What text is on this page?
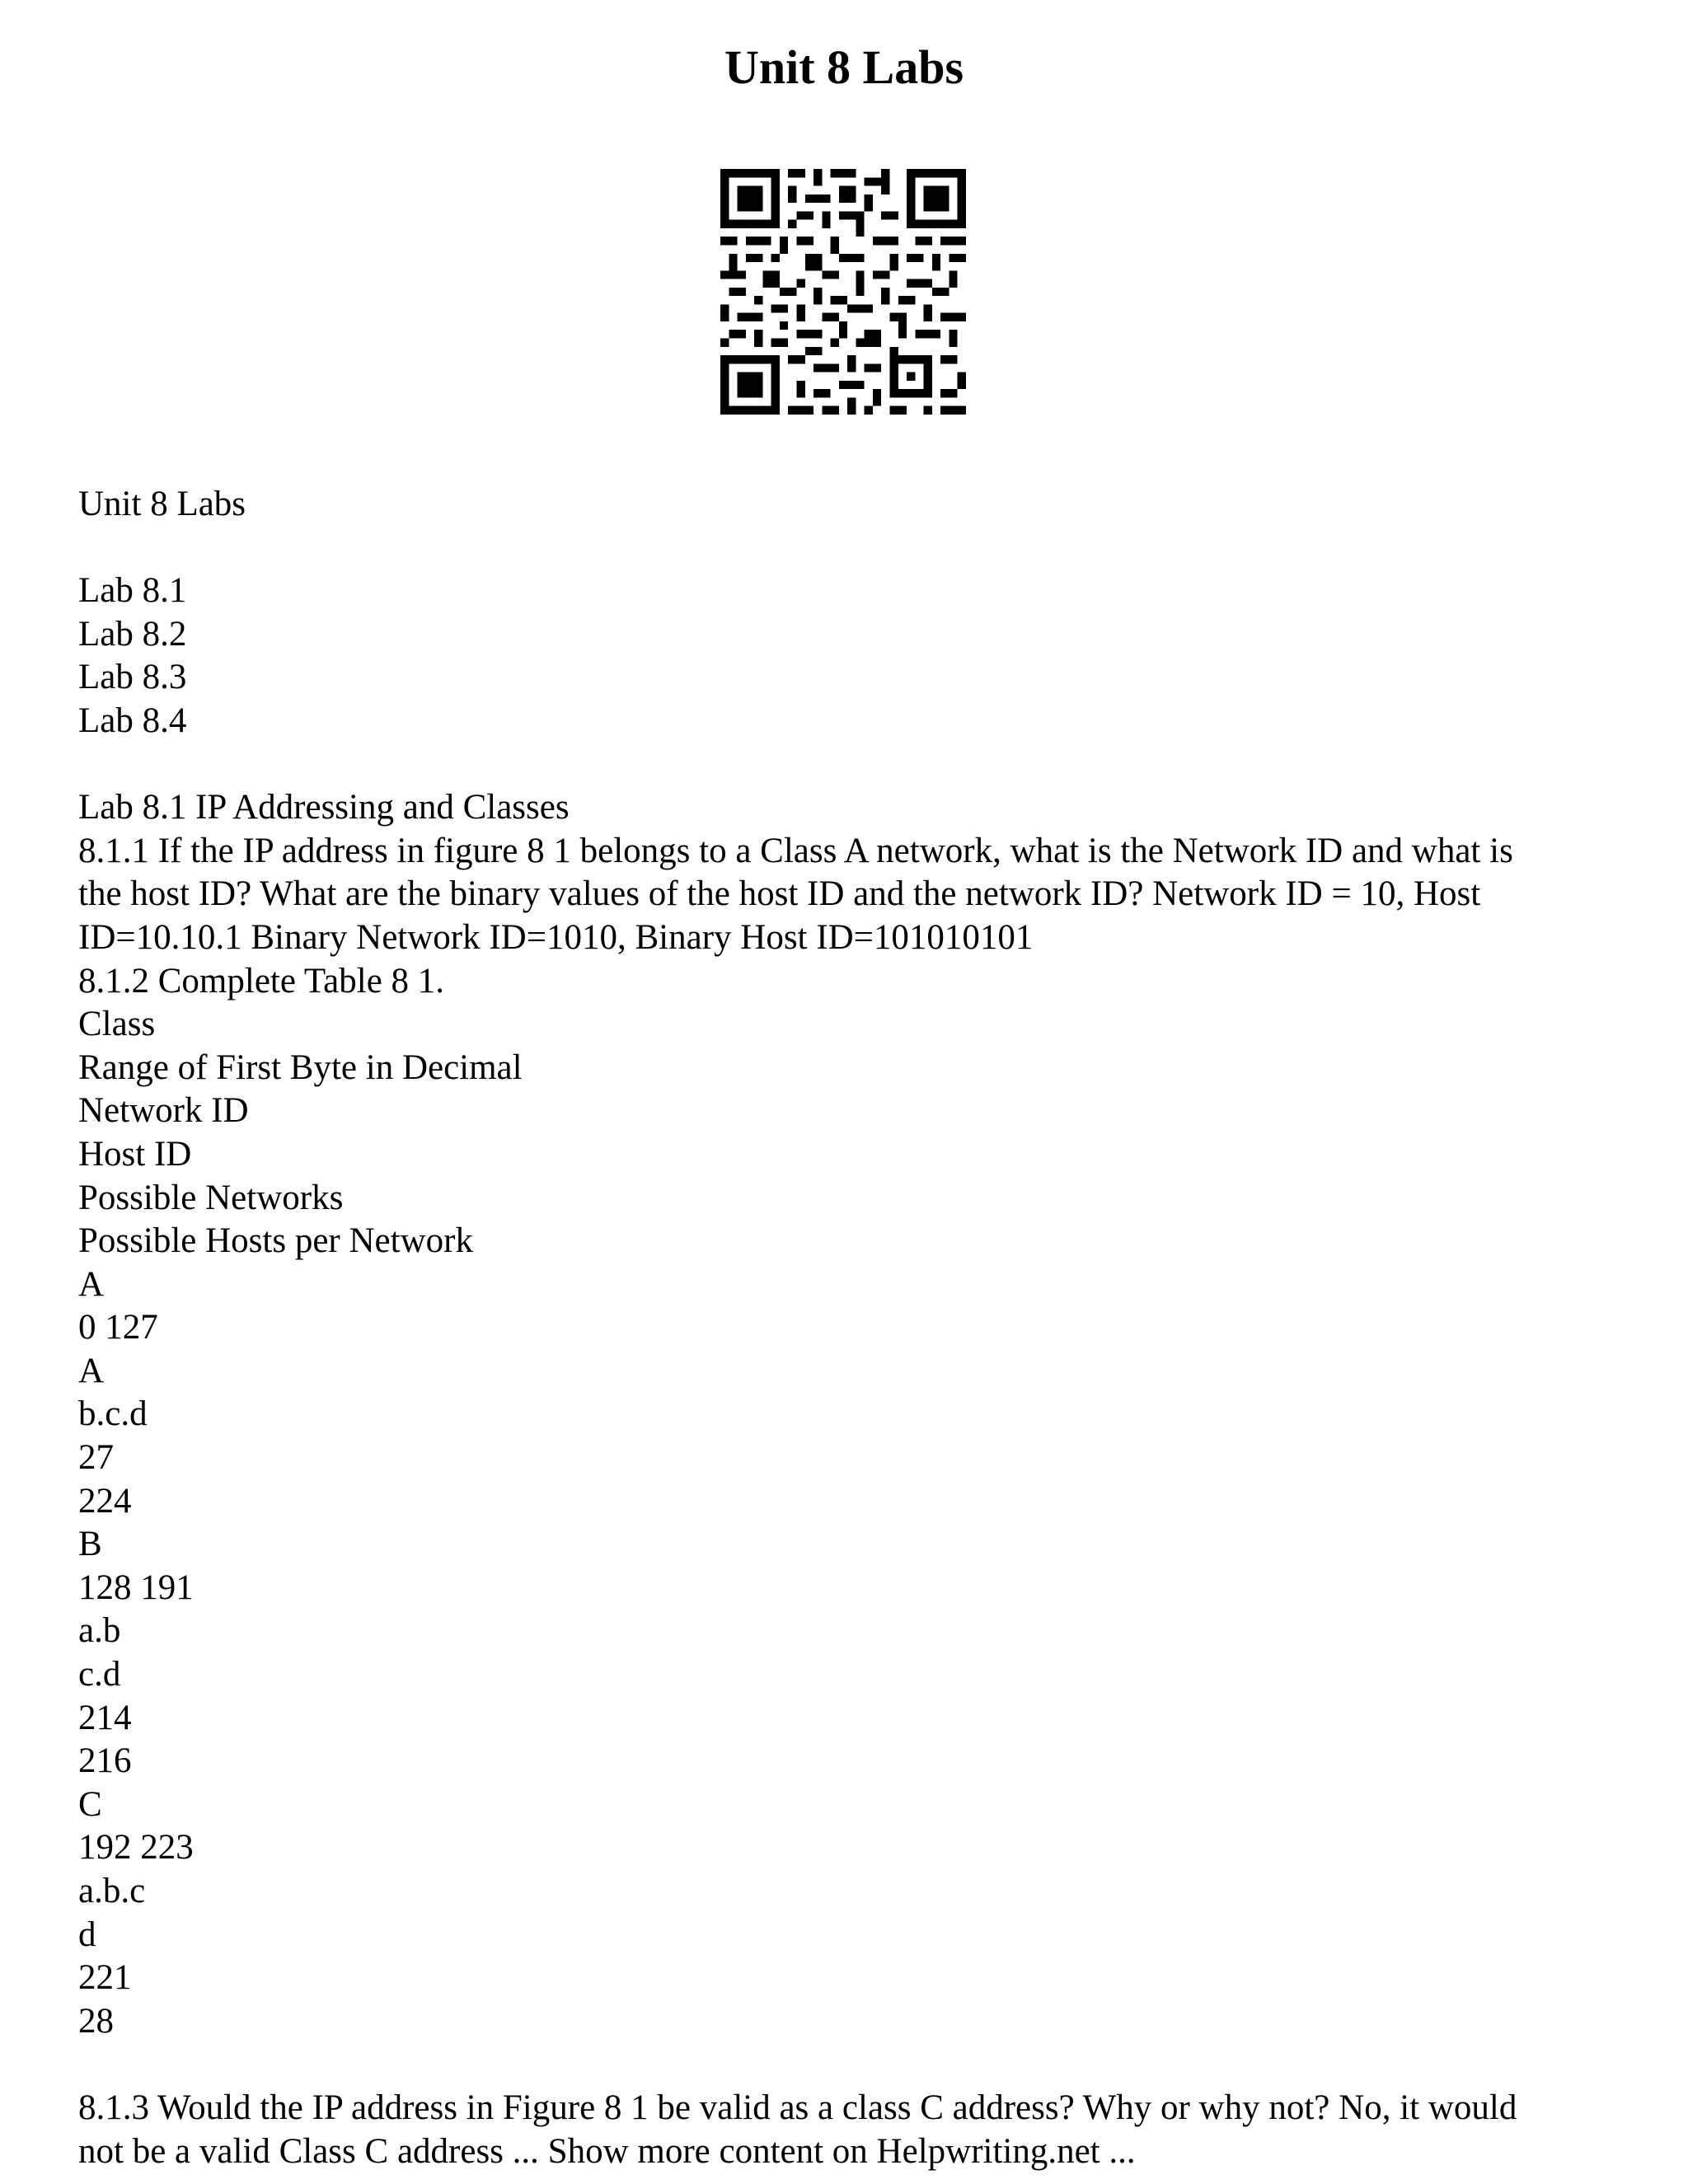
Unit 8 Labs
Unit 8 Labs
Lab 8.1
Lab 8.2
Lab 8.3
Lab 8.4
Lab 8.1 IP Addressing and Classes
8.1.1 If the IP address in figure 8 1 belongs to a Class A network, what is the Network ID and what is
the host ID? What are the binary values of the host ID and the network ID? Network ID = 10, Host
ID=10.10.1 Binary Network ID=1010, Binary Host ID=101010101
8.1.2 Complete Table 8 1.
Class
Range of First Byte in Decimal
Network ID
Host ID
Possible Networks
Possible Hosts per Network
A
0 127
A
b.c.d
27
224
B
128 191
a.b
c.d
214
216
C
192 223
a.b.c
d
221
28
8.1.3 Would the IP address in Figure 8 1 be valid as a class C address? Why or why not? No, it would
not be a valid Class C address ... Show more content on Helpwriting.net ...
